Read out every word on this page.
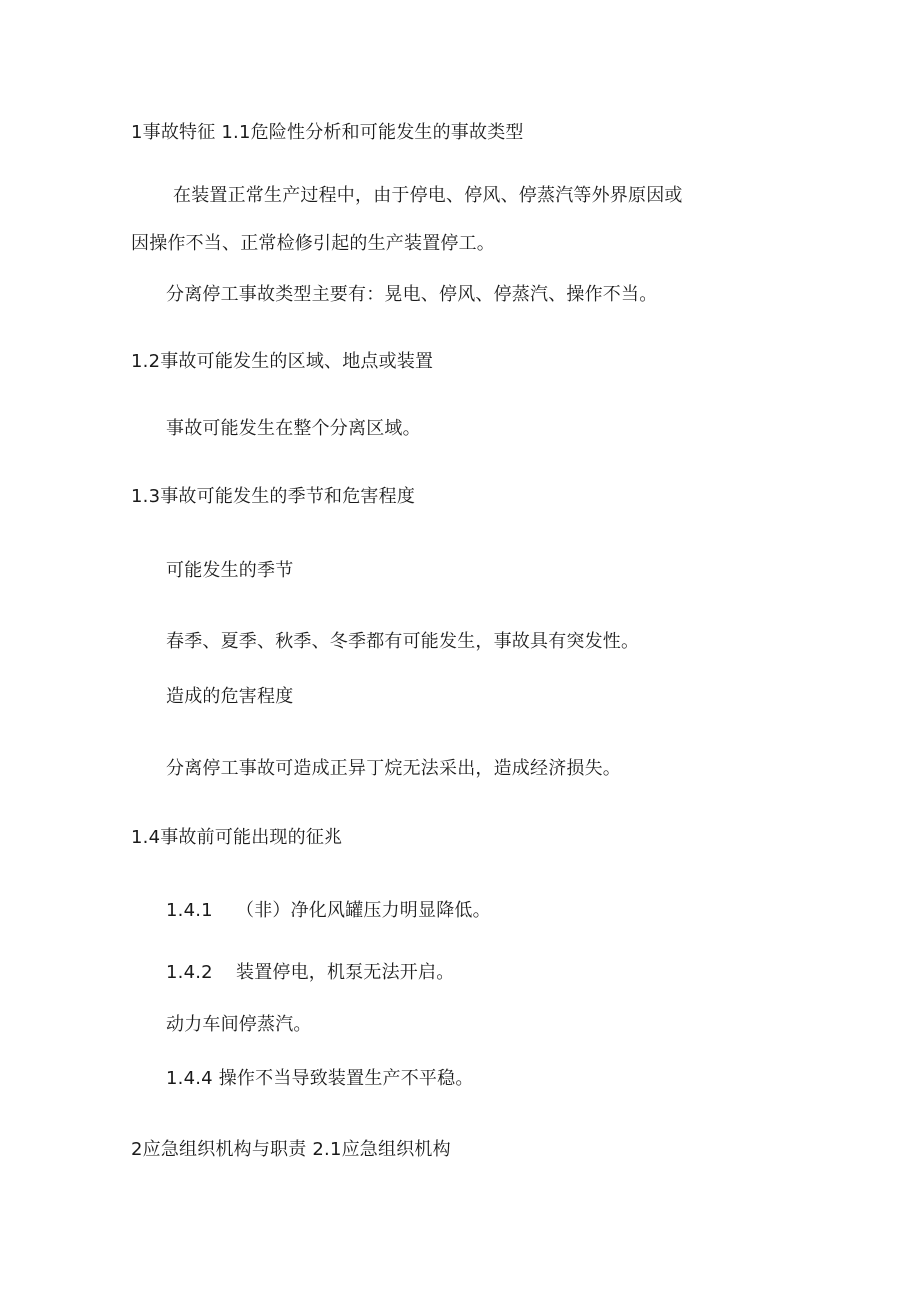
1事故特征 1.1危险性分析和可能发生的事故类型
在装置正常生产过程中，由于停电、停风、停蒸汽等外界原因或
因操作不当、正常检修引起的生产装置停工。
分离停工事故类型主要有：晃电、停风、停蒸汽、操作不当。
1.2事故可能发生的区域、地点或装置
事故可能发生在整个分离区域。
1.3事故可能发生的季节和危害程度
可能发生的季节
春季、夏季、秋季、冬季都有可能发生，事故具有突发性。
造成的危害程度
分离停工事故可造成正异丁烷无法采出，造成经济损失。
1.4事故前可能出现的征兆
1.4.1 （非）净化风罐压力明显降低。
1.4.2 装置停电，机泵无法开启。
动力车间停蒸汽。
1.4.4 操作不当导致装置生产不平稳。
2应急组织机构与职责 2.1应急组织机构
